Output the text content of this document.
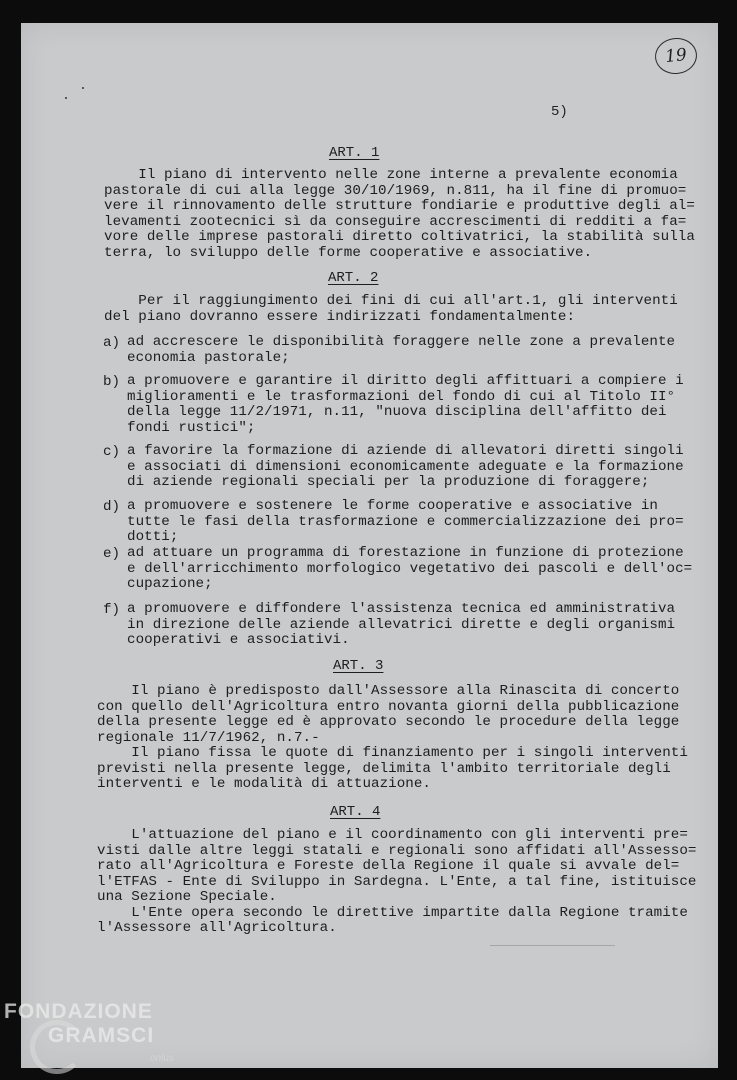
19
5)
ART. 1
Il piano di intervento nelle zone interne a prevalente economia
pastorale di cui alla legge 30/10/1969, n.811, ha il fine di promuo=
vere il rinnovamento delle strutture fondiarie e produttive degli al=
levamenti zootecnici sì da conseguire accrescimenti di redditi a fa=
vore delle imprese pastorali diretto coltivatrici, la stabilità sulla
terra, lo sviluppo delle forme cooperative e associative.
ART. 2
Per il raggiungimento dei fini di cui all'art.1, gli interventi
del piano dovranno essere indirizzati fondamentalmente:
a) ad accrescere le disponibilità foraggere nelle zone a prevalente
economia pastorale;
b) a promuovere e garantire il diritto degli affittuari a compiere i
miglioramenti e le trasformazioni del fondo di cui al Titolo II°
della legge 11/2/1971, n.11, "nuova disciplina dell'affitto dei
fondi rustici";
c) a favorire la formazione di aziende di allevatori diretti singoli
e associati di dimensioni economicamente adeguate e la formazione
di aziende regionali speciali per la produzione di foraggere;
d) a promuovere e sostenere le forme cooperative e associative in
tutte le fasi della trasformazione e commercializzazione dei pro=
dotti;
e) ad attuare un programma di forestazione in funzione di protezione
e dell'arricchimento morfologico vegetativo dei pascoli e dell'oc=
cupazione;
f) a promuovere e diffondere l'assistenza tecnica ed amministrativa
in direzione delle aziende allevatrici dirette e degli organismi
cooperativi e associativi.
ART. 3
Il piano è predisposto dall'Assessore alla Rinascita di concerto
con quello dell'Agricoltura entro novanta giorni della pubblicazione
della presente legge ed è approvato secondo le procedure della legge
regionale 11/7/1962, n.7.-
Il piano fissa le quote di finanziamento per i singoli interventi
previsti nella presente legge, delimita l'ambito territoriale degli
interventi e le modalità di attuazione.
ART. 4
L'attuazione del piano e il coordinamento con gli interventi pre=
visti dalle altre leggi statali e regionali sono affidati all'Assesso=
rato all'Agricoltura e Foreste della Regione il quale si avvale del=
l'ETFAS - Ente di Sviluppo in Sardegna. L'Ente, a tal fine, istituisce
una Sezione Speciale.
L'Ente opera secondo le direttive impartite dalla Regione tramite
l'Assessore all'Agricoltura.
FONDAZIONE
GRAMSCI
onlus
